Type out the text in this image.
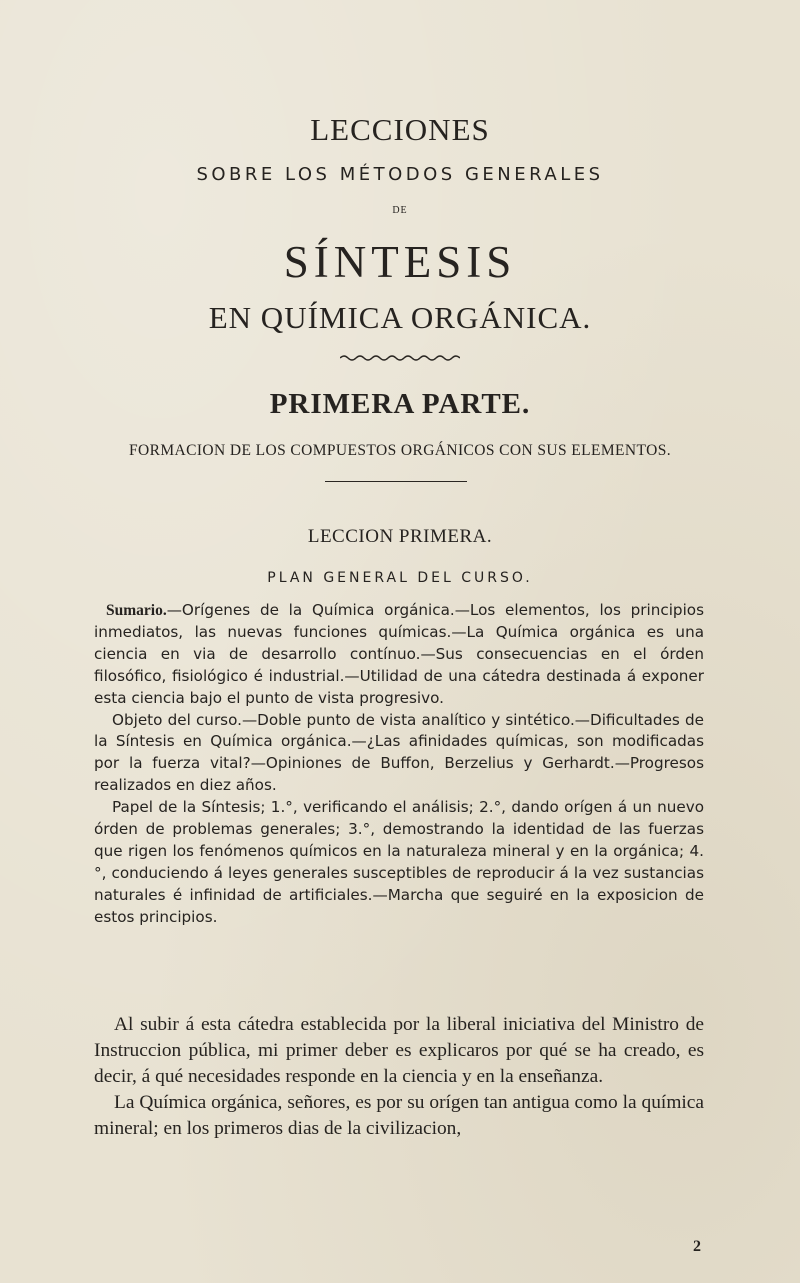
LECCIONES
SOBRE LOS MÉTODOS GENERALES
DE
SÍNTESIS
EN QUÍMICA ORGÁNICA.
PRIMERA PARTE.
FORMACION DE LOS COMPUESTOS ORGÁNICOS CON SUS ELEMENTOS.
LECCION PRIMERA.
PLAN GENERAL DEL CURSO.

Sumario.—Orígenes de la Química orgánica.—Los elementos, los principios inmediatos, las nuevas funciones químicas.—La Química orgánica es una ciencia en via de desarrollo contínuo.—Sus consecuencias en el órden filosófico, fisiológico é industrial.—Utilidad de una cátedra destinada á exponer esta ciencia bajo el punto de vista progresivo.

Objeto del curso.—Doble punto de vista analítico y sintético.—Dificultades de la Síntesis en Química orgánica.—¿Las afinidades químicas, son modificadas por la fuerza vital?—Opiniones de Buffon, Berzelius y Gerhardt.—Progresos realizados en diez años.

Papel de la Síntesis; 1.°, verificando el análisis; 2.°, dando orígen á un nuevo órden de problemas generales; 3.°, demostrando la identidad de las fuerzas que rigen los fenómenos químicos en la naturaleza mineral y en la orgánica; 4.°, conduciendo á leyes generales susceptibles de reproducir á la vez sustancias naturales é infinidad de artificiales.—Marcha que seguiré en la exposicion de estos principios.

Al subir á esta cátedra establecida por la liberal iniciativa del Ministro de Instruccion pública, mi primer deber es explicaros por qué se ha creado, es decir, á qué necesidades responde en la ciencia y en la enseñanza.

La Química orgánica, señores, es por su orígen tan antigua como la química mineral; en los primeros dias de la civilizacion,

2
